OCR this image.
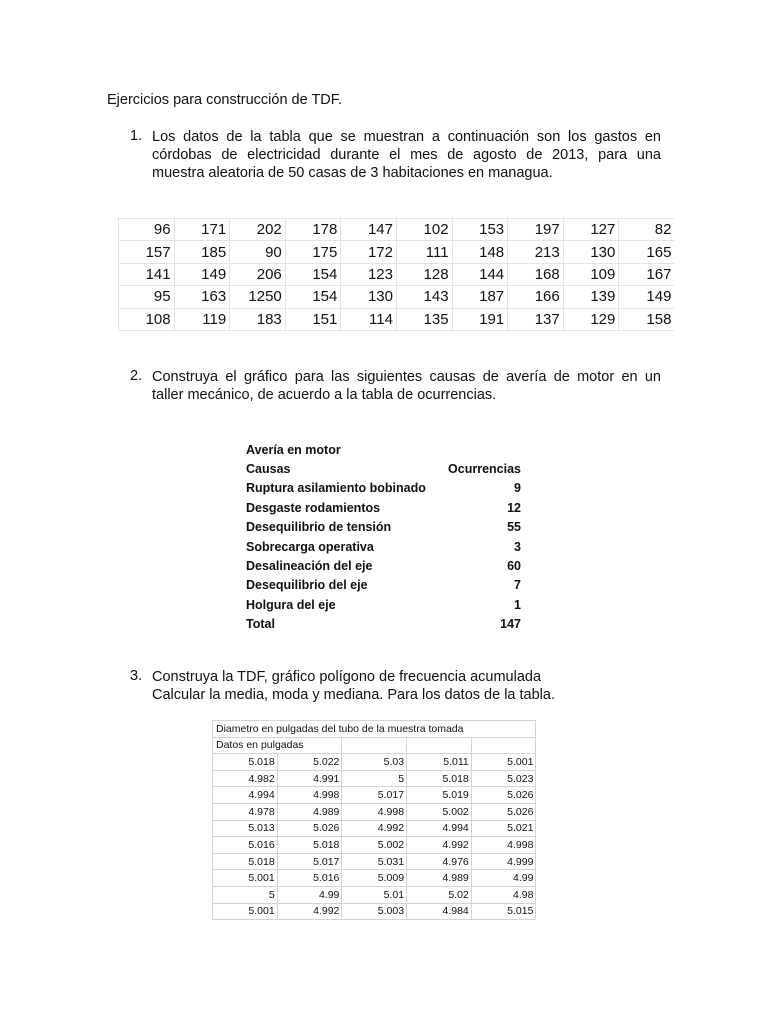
Ejercicios para construcción de TDF.
1. Los datos de la tabla que se muestran a continuación son los gastos en
córdobas de electricidad durante el mes de agosto de 2013, para una
muestra aleatoria de 50 casas de 3 habitaciones en managua.
96	171	202	178	147	102	153	197	127	82
157	185	90	175	172	111	148	213	130	165
141	149	206	154	123	128	144	168	109	167
95	163	1250	154	130	143	187	166	139	149
108	119	183	151	114	135	191	137	129	158
2. Construya el gráfico para las siguientes causas de avería de motor en un
taller mecánico, de acuerdo a la tabla de ocurrencias.
Avería en motor	
Causas	Ocurrencias
Ruptura asilamiento bobinado	9
Desgaste rodamientos	12
Desequilibrio de tensión	55
Sobrecarga operativa	3
Desalineación del eje	60
Desequilibrio del eje	7
Holgura del eje	1
Total	147
3. Construya la TDF, gráfico polígono de frecuencia acumulada
Calcular la media, moda y mediana. Para los datos de la tabla.
Diametro en pulgadas del tubo de la muestra tomada				
Datos en pulgadas				
5.018	5.022	5.03	5.011	5.001
4.982	4.991	5	5.018	5.023
4.994	4.998	5.017	5.019	5.026
4.978	4.989	4.998	5.002	5.026
5.013	5.026	4.992	4.994	5.021
5.016	5.018	5.002	4.992	4.998
5.018	5.017	5.031	4.976	4.999
5.001	5.016	5.009	4.989	4.99
5	4.99	5.01	5.02	4.98
5.001	4.992	5.003	4.984	5.015
